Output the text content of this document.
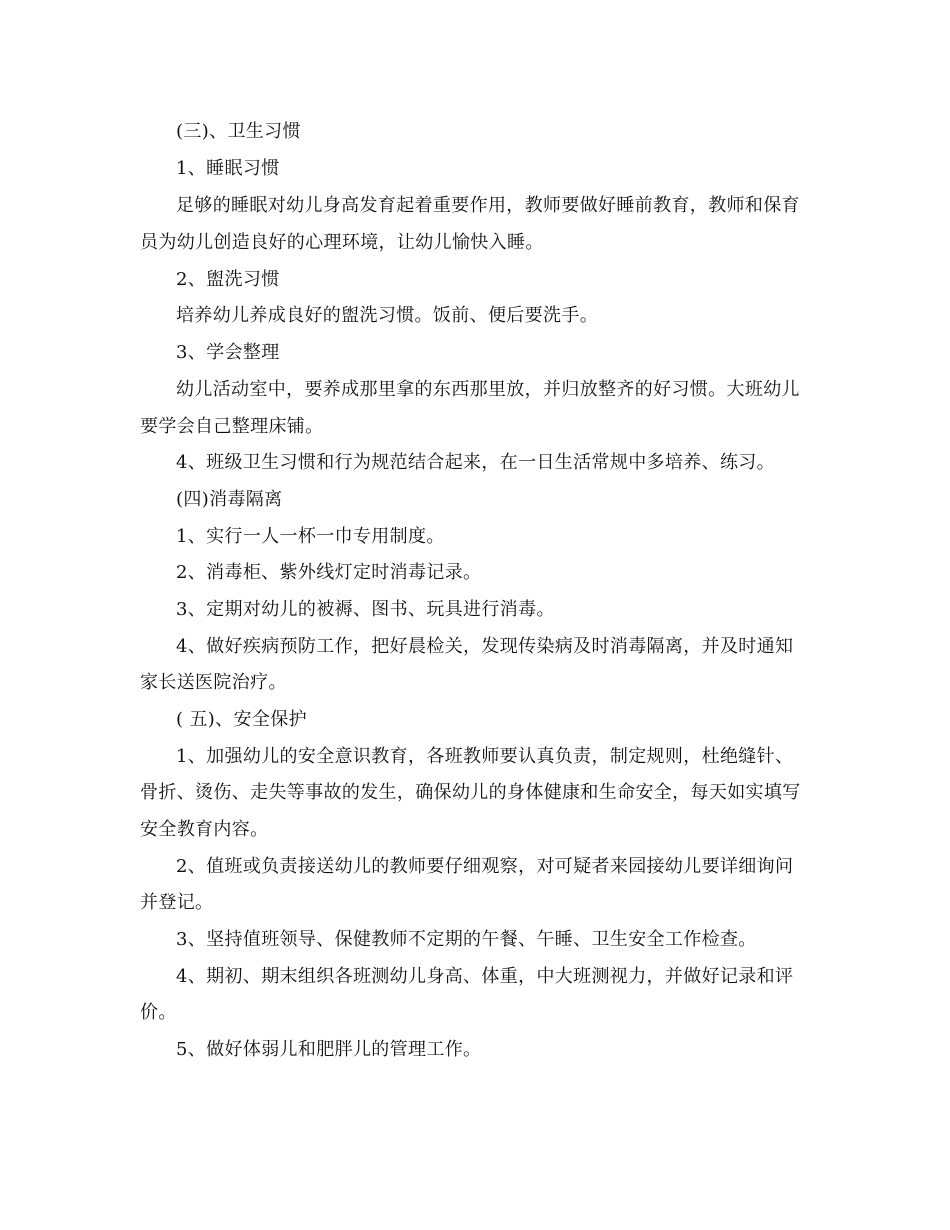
(三)、卫生习惯
1、睡眠习惯
足够的睡眠对幼儿身高发育起着重要作用，教师要做好睡前教育，教师和保育
员为幼儿创造良好的心理环境，让幼儿愉快入睡。
2、盥洗习惯
培养幼儿养成良好的盥洗习惯。饭前、便后要洗手。
3、学会整理
幼儿活动室中，要养成那里拿的东西那里放，并归放整齐的好习惯。大班幼儿
要学会自己整理床铺。
4、班级卫生习惯和行为规范结合起来，在一日生活常规中多培养、练习。
(四)消毒隔离
1、实行一人一杯一巾专用制度。
2、消毒柜、紫外线灯定时消毒记录。
3、定期对幼儿的被褥、图书、玩具进行消毒。
4、做好疾病预防工作，把好晨检关，发现传染病及时消毒隔离，并及时通知
家长送医院治疗。
( 五)、安全保护
1、加强幼儿的安全意识教育，各班教师要认真负责，制定规则，杜绝缝针、
骨折、烫伤、走失等事故的发生，确保幼儿的身体健康和生命安全，每天如实填写
安全教育内容。
2、值班或负责接送幼儿的教师要仔细观察，对可疑者来园接幼儿要详细询问
并登记。
3、坚持值班领导、保健教师不定期的午餐、午睡、卫生安全工作检查。
4、期初、期末组织各班测幼儿身高、体重，中大班测视力，并做好记录和评
价。
5、做好体弱儿和肥胖儿的管理工作。
